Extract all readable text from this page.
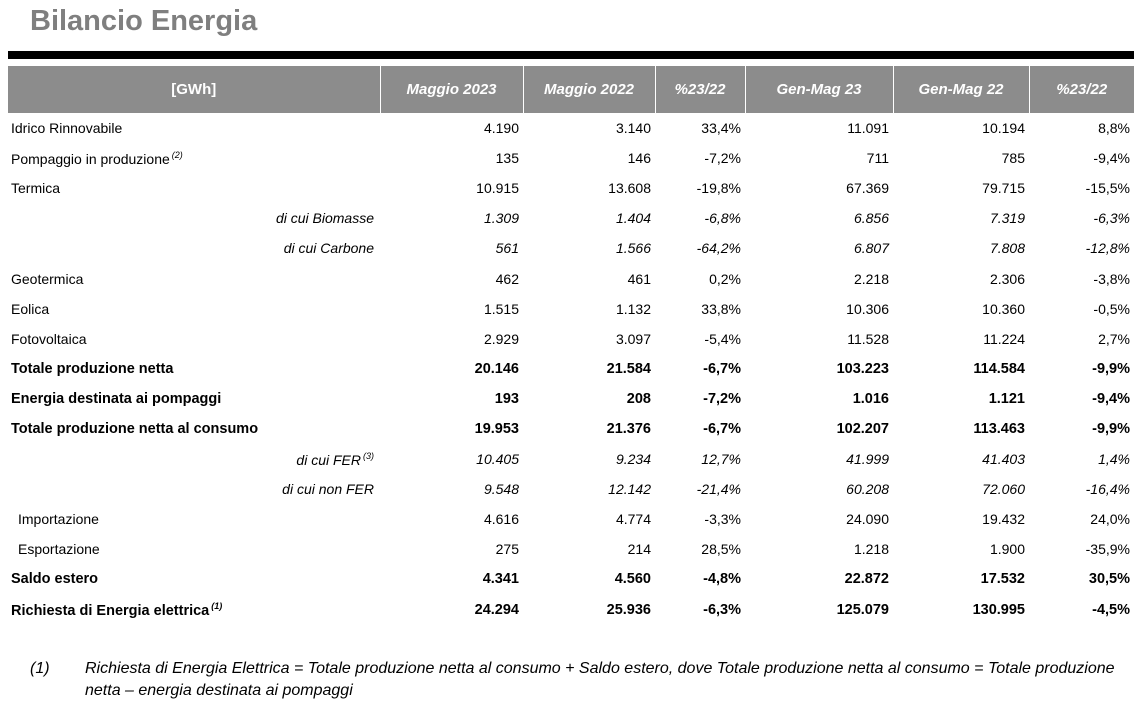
Bilancio Energia
[GWh]	Maggio 2023	Maggio 2022	%23/22	Gen-Mag 23	Gen-Mag 22	%23/22
Idrico Rinnovabile	4.190	3.140	33,4%	11.091	10.194	8,8%
Pompaggio in produzione $^{(2)}$	135	146	-7,2%	711	785	-9,4%
Termica	10.915	13.608	-19,8%	67.369	79.715	-15,5%
di cui Biomasse	1.309	1.404	-6,8%	6.856	7.319	-6,3%
di cui Carbone	561	1.566	-64,2%	6.807	7.808	-12,8%
Geotermica	462	461	0,2%	2.218	2.306	-3,8%
Eolica	1.515	1.132	33,8%	10.306	10.360	-0,5%
Fotovoltaica	2.929	3.097	-5,4%	11.528	11.224	2,7%
Totale produzione netta	20.146	21.584	-6,7%	103.223	114.584	-9,9%
Energia destinata ai pompaggi	193	208	-7,2%	1.016	1.121	-9,4%
Totale produzione netta al consumo	19.953	21.376	-6,7%	102.207	113.463	-9,9%
di cui FER $^{(3)}$	10.405	9.234	12,7%	41.999	41.403	1,4%
di cui non FER	9.548	12.142	-21,4%	60.208	72.060	-16,4%
Importazione	4.616	4.774	-3,3%	24.090	19.432	24,0%
Esportazione	275	214	28,5%	1.218	1.900	-35,9%
Saldo estero	4.341	4.560	-4,8%	22.872	17.532	30,5%
Richiesta di Energia elettrica $^{(1)}$	24.294	25.936	-6,3%	125.079	130.995	-4,5%
(1) Richiesta di Energia Elettrica = Totale produzione netta al consumo + Saldo estero, dove Totale produzione netta al consumo = Totale produzione netta – energia destinata ai pompaggi
